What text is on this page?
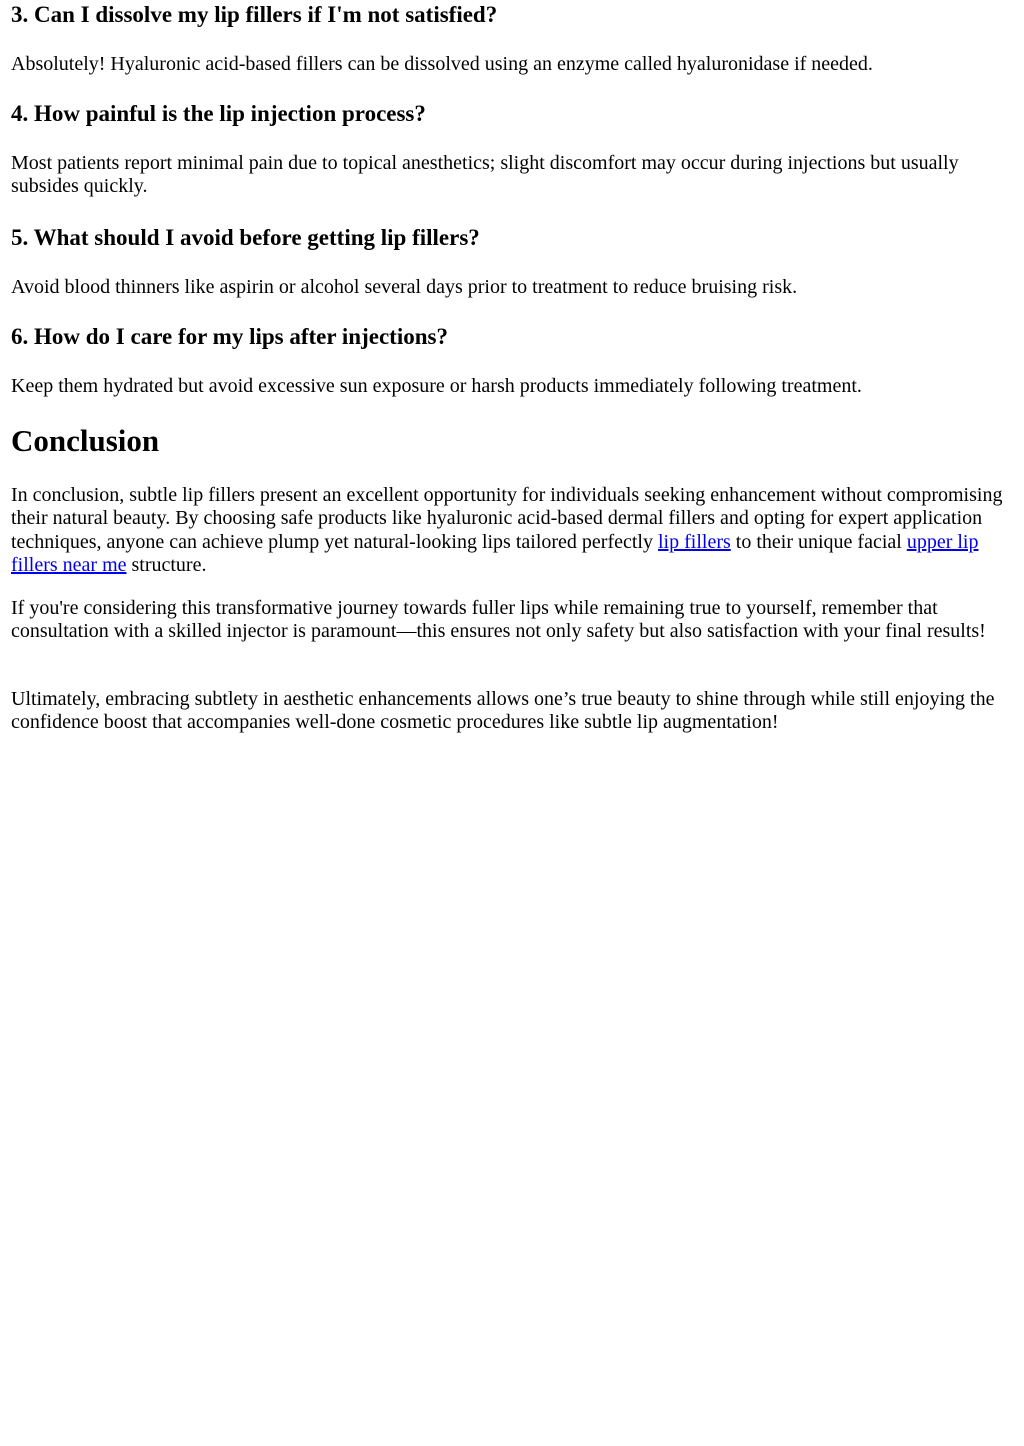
3. Can I dissolve my lip fillers if I'm not satisfied?

Absolutely! Hyaluronic acid-based fillers can be dissolved using an enzyme called hyaluronidase if needed.

4. How painful is the lip injection process?

Most patients report minimal pain due to topical anesthetics; slight discomfort may occur during injections but usually subsides quickly.

5. What should I avoid before getting lip fillers?

Avoid blood thinners like aspirin or alcohol several days prior to treatment to reduce bruising risk.

6. How do I care for my lips after injections?

Keep them hydrated but avoid excessive sun exposure or harsh products immediately following treatment.

Conclusion

In conclusion, subtle lip fillers present an excellent opportunity for individuals seeking enhancement without compromising their natural beauty. By choosing safe products like hyaluronic acid-based dermal fillers and opting for expert application techniques, anyone can achieve plump yet natural-looking lips tailored perfectly lip fillers to their unique facial upper lip fillers near me structure.

If you're considering this transformative journey towards fuller lips while remaining true to yourself, remember that consultation with a skilled injector is paramount—this ensures not only safety but also satisfaction with your final results!

Ultimately, embracing subtlety in aesthetic enhancements allows one’s true beauty to shine through while still enjoying the confidence boost that accompanies well-done cosmetic procedures like subtle lip augmentation!
